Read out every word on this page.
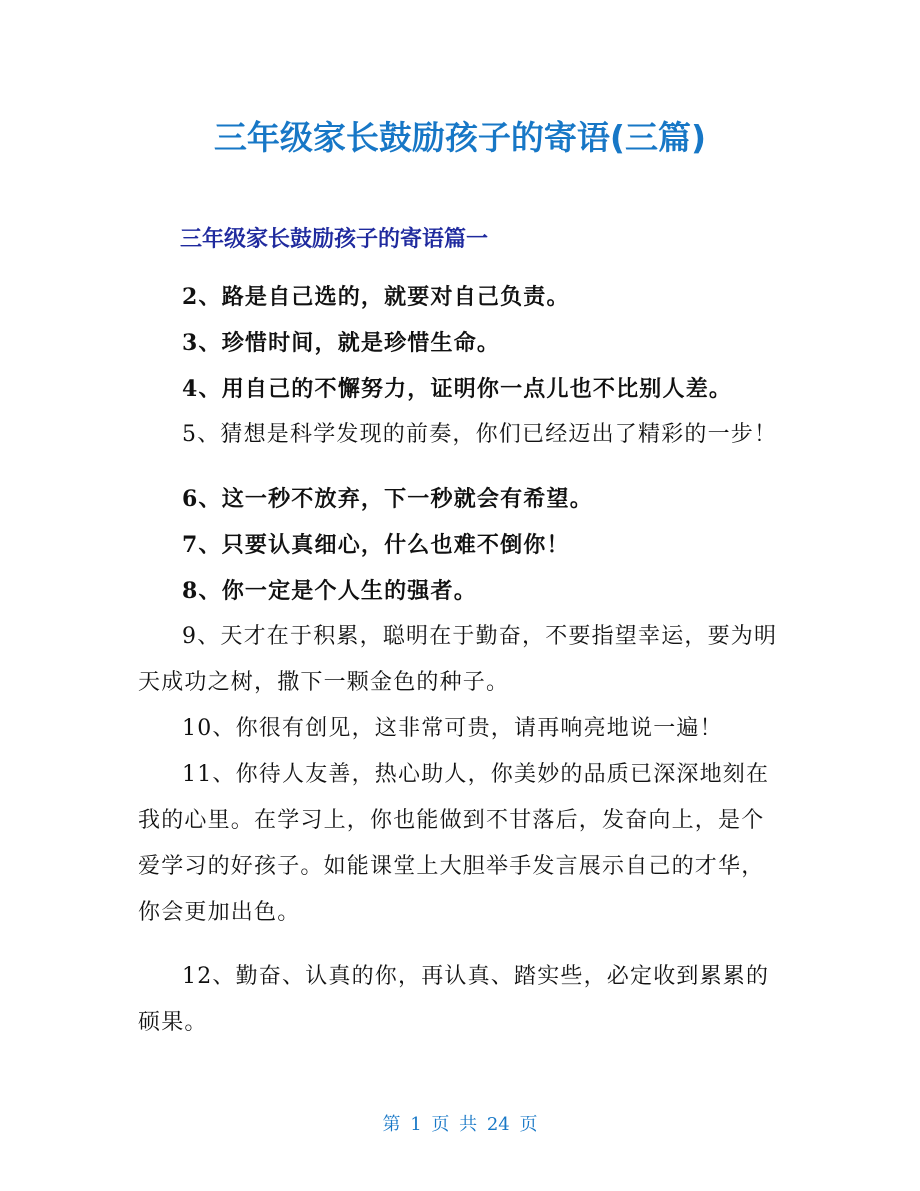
三年级家长鼓励孩子的寄语(三篇)
三年级家长鼓励孩子的寄语篇一

2、路是自己选的，就要对自己负责。

3、珍惜时间，就是珍惜生命。

4、用自己的不懈努力，证明你一点儿也不比别人差。

5、猜想是科学发现的前奏，你们已经迈出了精彩的一步！

6、这一秒不放弃，下一秒就会有希望。

7、只要认真细心，什么也难不倒你！

8、你一定是个人生的强者。

9、天才在于积累，聪明在于勤奋，不要指望幸运，要为明天成功之树，撒下一颗金色的种子。

10、你很有创见，这非常可贵，请再响亮地说一遍！

11、你待人友善，热心助人，你美妙的品质已深深地刻在我的心里。在学习上，你也能做到不甘落后，发奋向上，是个爱学习的好孩子。如能课堂上大胆举手发言展示自己的才华，你会更加出色。

12、勤奋、认真的你，再认真、踏实些，必定收到累累的硕果。

第 1 页 共 24 页
